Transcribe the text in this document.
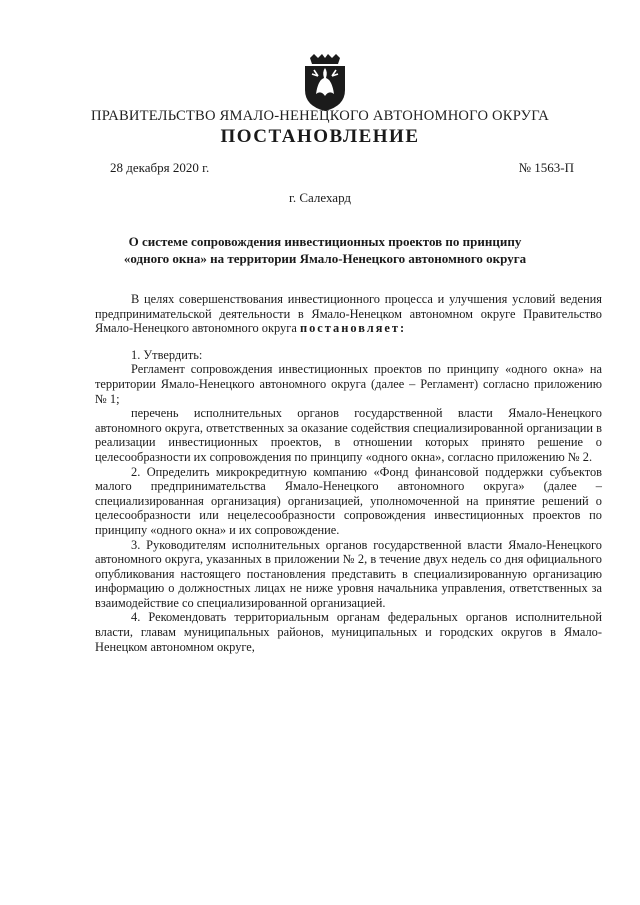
ПРАВИТЕЛЬСТВО ЯМАЛО-НЕНЕЦКОГО АВТОНОМНОГО ОКРУГА
ПОСТАНОВЛЕНИЕ
28 декабря 2020 г.	№ 1563-П
г. Салехард
О системе сопровождения инвестиционных проектов по принципу «одного окна» на территории Ямало-Ненецкого автономного округа

В целях совершенствования инвестиционного процесса и улучшения условий ведения предпринимательской деятельности в Ямало-Ненецком автономном округе Правительство Ямало-Ненецкого автономного округа постановляет:

1. Утвердить:

Регламент сопровождения инвестиционных проектов по принципу «одного окна» на территории Ямало-Ненецкого автономного округа (далее – Регламент) согласно приложению № 1;

перечень исполнительных органов государственной власти Ямало-Ненецкого автономного округа, ответственных за оказание содействия специализированной организации в реализации инвестиционных проектов, в отношении которых принято решение о целесообразности их сопровождения по принципу «одного окна», согласно приложению № 2.

2. Определить микрокредитную компанию «Фонд финансовой поддержки субъектов малого предпринимательства Ямало-Ненецкого автономного округа» (далее – специализированная организация) организацией, уполномоченной на принятие решений о целесообразности или нецелесообразности сопровождения инвестиционных проектов по принципу «одного окна» и их сопровождение.

3. Руководителям исполнительных органов государственной власти Ямало-Ненецкого автономного округа, указанных в приложении № 2, в течение двух недель со дня официального опубликования настоящего постановления представить в специализированную организацию информацию о должностных лицах не ниже уровня начальника управления, ответственных за взаимодействие со специализированной организацией.

4. Рекомендовать территориальным органам федеральных органов исполнительной власти, главам муниципальных районов, муниципальных и городских округов в Ямало-Ненецком автономном округе,
